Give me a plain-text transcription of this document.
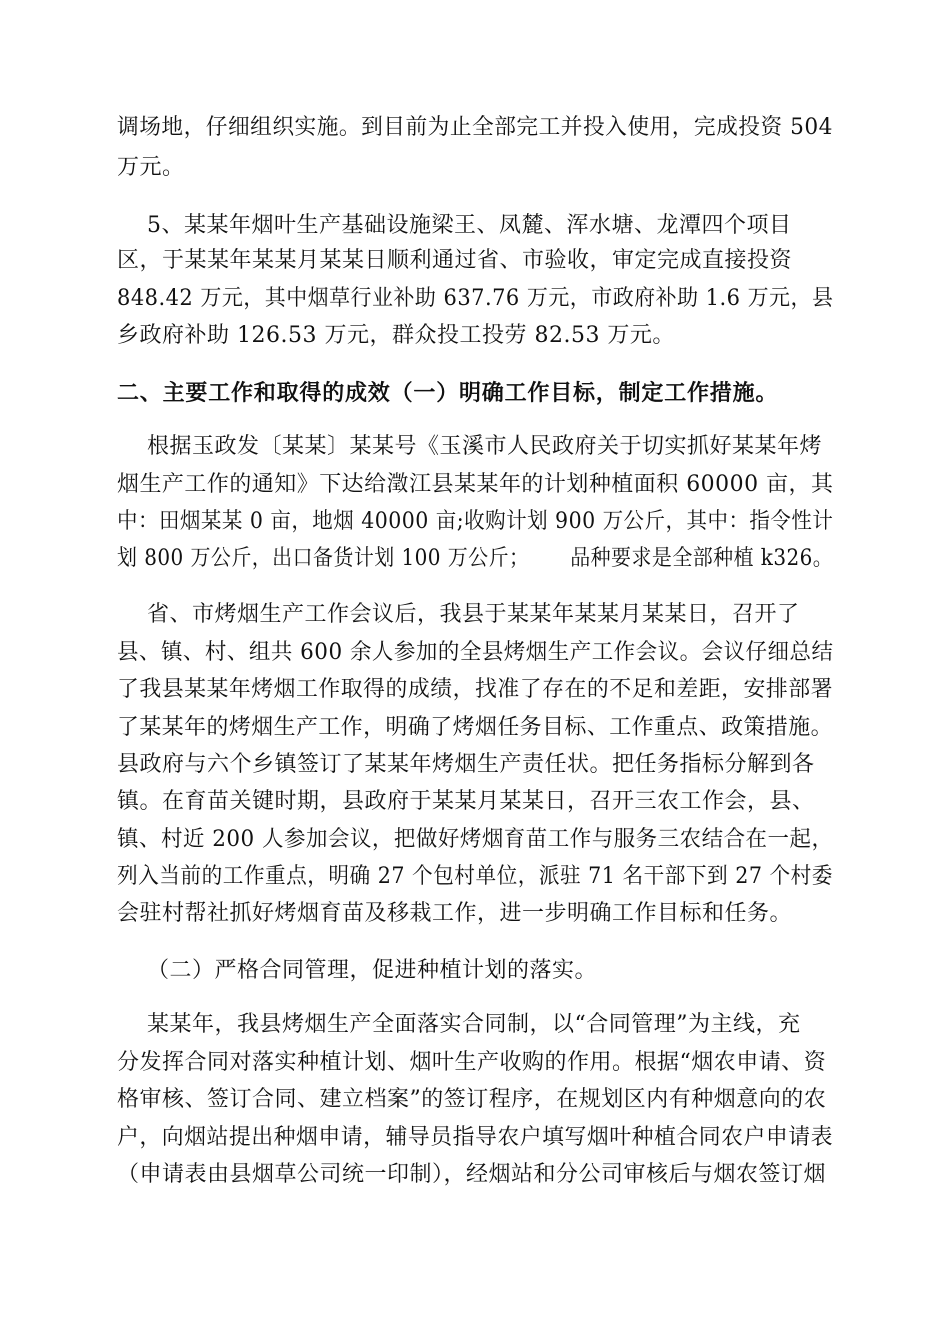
调场地，仔细组织实施。到目前为止全部完工并投入使用，完成投资 504
万元。
5、某某年烟叶生产基础设施梁王、凤麓、浑水塘、龙潭四个项目
区，于某某年某某月某某日顺利通过省、市验收，审定完成直接投资
848.42 万元，其中烟草行业补助 637.76 万元，市政府补助 1.6 万元，县
乡政府补助 126.53 万元，群众投工投劳 82.53 万元。
二、主要工作和取得的成效（一）明确工作目标，制定工作措施。
根据玉政发〔某某〕某某号《玉溪市人民政府关于切实抓好某某年烤
烟生产工作的通知》下达给澂江县某某年的计划种植面积 60000 亩，其
中：田烟某某 0 亩，地烟 40000 亩;收购计划 900 万公斤，其中：指令性计
划 800 万公斤，出口备货计划 100 万公斤；      品种要求是全部种植 k326。
省、市烤烟生产工作会议后，我县于某某年某某月某某日，召开了
县、镇、村、组共 600 余人参加的全县烤烟生产工作会议。会议仔细总结
了我县某某年烤烟工作取得的成绩，找准了存在的不足和差距，安排部署
了某某年的烤烟生产工作，明确了烤烟任务目标、工作重点、政策措施。
县政府与六个乡镇签订了某某年烤烟生产责任状。把任务指标分解到各
镇。在育苗关键时期，县政府于某某月某某日，召开三农工作会，县、
镇、村近 200 人参加会议，把做好烤烟育苗工作与服务三农结合在一起，
列入当前的工作重点，明确 27 个包村单位，派驻 71 名干部下到 27 个村委
会驻村帮社抓好烤烟育苗及移栽工作，进一步明确工作目标和任务。
（二）严格合同管理，促进种植计划的落实。
某某年，我县烤烟生产全面落实合同制，以“合同管理”为主线，充
分发挥合同对落实种植计划、烟叶生产收购的作用。根据“烟农申请、资
格审核、签订合同、建立档案”的签订程序，在规划区内有种烟意向的农
户，向烟站提出种烟申请，辅导员指导农户填写烟叶种植合同农户申请表
（申请表由县烟草公司统一印制），经烟站和分公司审核后与烟农签订烟
